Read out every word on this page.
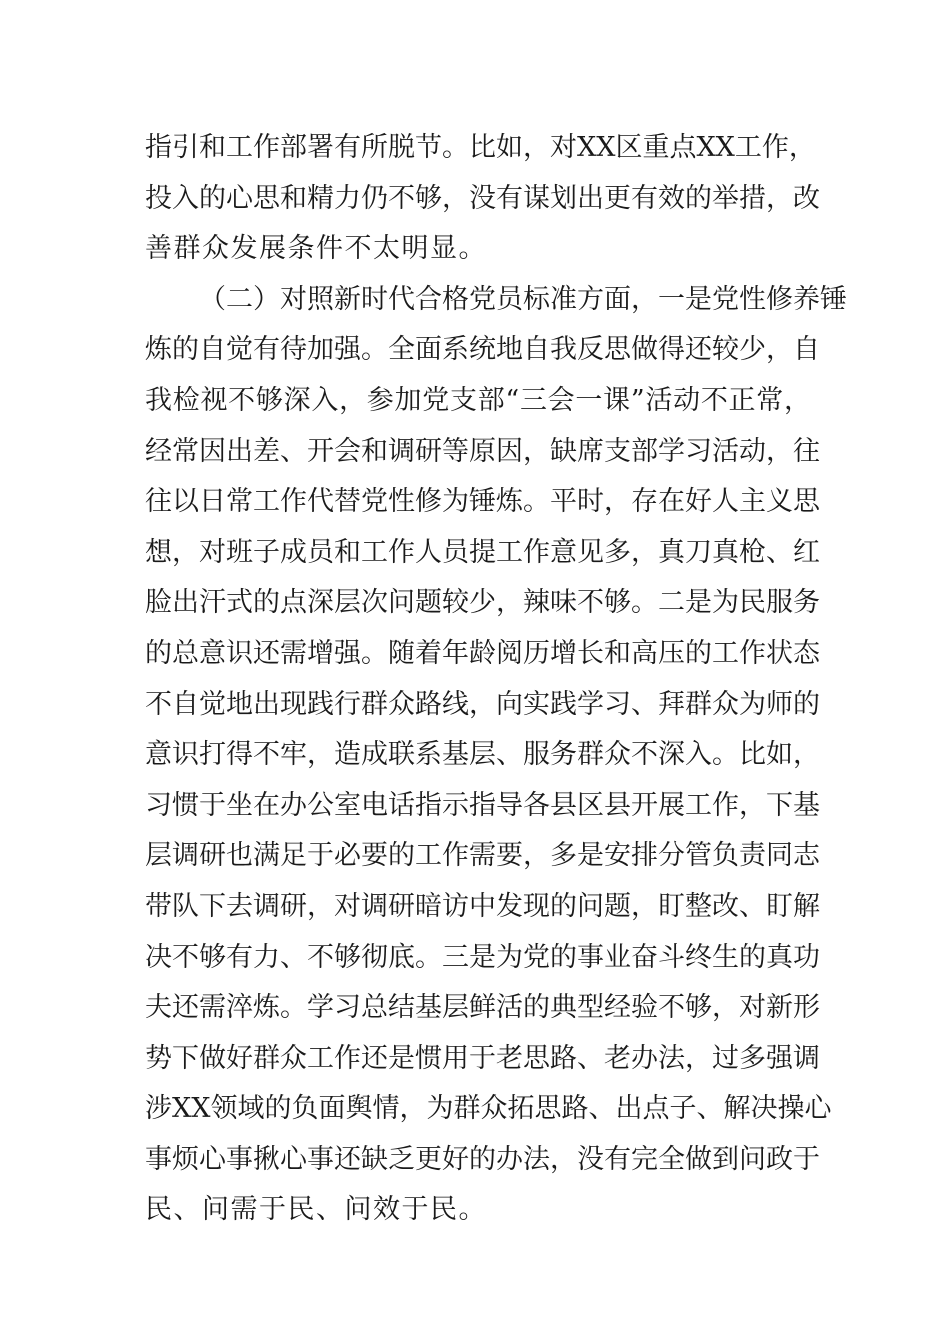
指引和工作部署有所脱节。比如，对XX区重点XX工作，
投入的心思和精力仍不够，没有谋划出更有效的举措，改
善群众发展条件不太明显。
（二）对照新时代合格党员标准方面，一是党性修养锤
炼的自觉有待加强。全面系统地自我反思做得还较少，自
我检视不够深入，参加党支部“三会一课”活动不正常，
经常因出差、开会和调研等原因，缺席支部学习活动，往
往以日常工作代替党性修为锤炼。平时，存在好人主义思
想，对班子成员和工作人员提工作意见多，真刀真枪、红
脸出汗式的点深层次问题较少，辣味不够。二是为民服务
的总意识还需增强。随着年龄阅历增长和高压的工作状态
不自觉地出现践行群众路线，向实践学习、拜群众为师的
意识打得不牢，造成联系基层、服务群众不深入。比如，
习惯于坐在办公室电话指示指导各县区县开展工作，下基
层调研也满足于必要的工作需要，多是安排分管负责同志
带队下去调研，对调研暗访中发现的问题，盯整改、盯解
决不够有力、不够彻底。三是为党的事业奋斗终生的真功
夫还需淬炼。学习总结基层鲜活的典型经验不够，对新形
势下做好群众工作还是惯用于老思路、老办法，过多强调
涉XX领域的负面舆情，为群众拓思路、出点子、解决操心
事烦心事揪心事还缺乏更好的办法，没有完全做到问政于
民、问需于民、问效于民。
